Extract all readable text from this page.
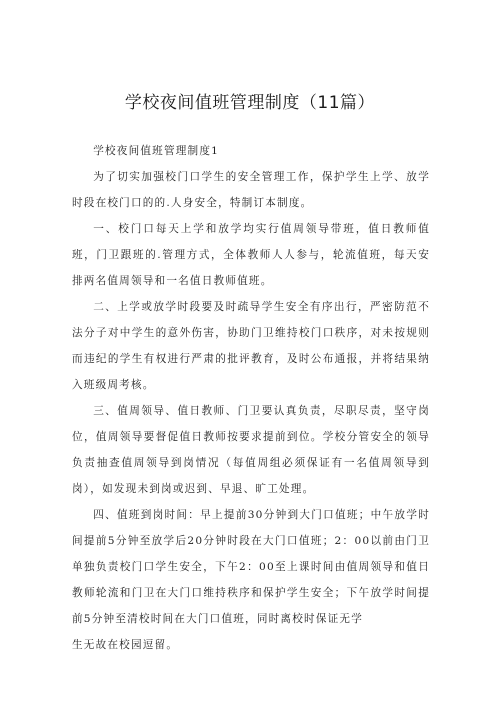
学校夜间值班管理制度（11篇）

学校夜间值班管理制度1

为了切实加强校门口学生的安全管理工作，保护学生上学、放学时段在校门口的的.人身安全，特制订本制度。

一、校门口每天上学和放学均实行值周领导带班，值日教师值班，门卫跟班的.管理方式，全体教师人人参与，轮流值班，每天安排两名值周领导和一名值日教师值班。

二、上学或放学时段要及时疏导学生安全有序出行，严密防范不法分子对中学生的意外伤害，协助门卫维持校门口秩序，对未按规则而违纪的学生有权进行严肃的批评教育，及时公布通报，并将结果纳入班级周考核。

三、值周领导、值日教师、门卫要认真负责，尽职尽责，坚守岗位，值周领导要督促值日教师按要求提前到位。学校分管安全的领导负责抽查值周领导到岗情况（每值周组必须保证有一名值周领导到岗），如发现未到岗或迟到、早退、旷工处理。

四、值班到岗时间：早上提前30分钟到大门口值班；中午放学时间提前5分钟至放学后20分钟时段在大门口值班；2：00以前由门卫单独负责校门口学生安全，下午2：00至上课时间由值周领导和值日教师轮流和门卫在大门口维持秩序和保护学生安全；下午放学时间提前5分钟至清校时间在大门口值班，同时离校时保证无学

生无故在校园逗留。
